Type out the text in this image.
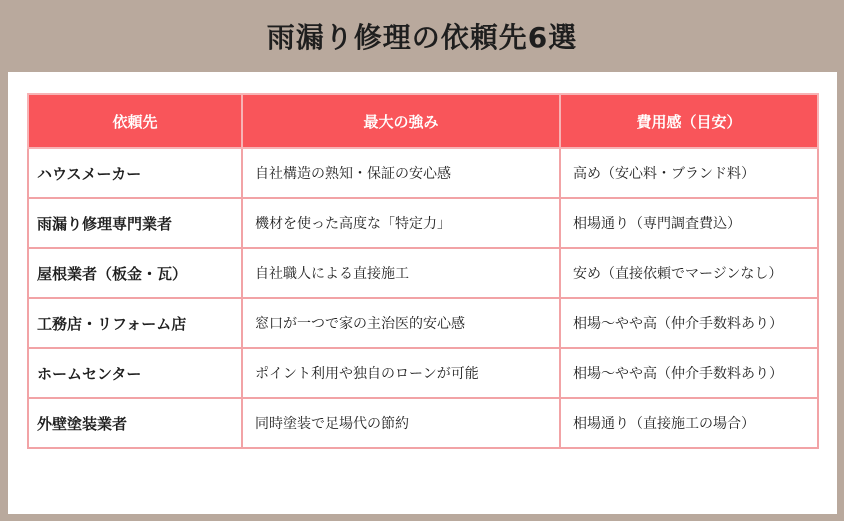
雨漏り修理の依頼先6選
依頼先	最大の強み	費用感（目安）
ハウスメーカー	自社構造の熟知・保証の安心感	高め（安心料・ブランド料）
雨漏り修理専門業者	機材を使った高度な「特定力」	相場通り（専門調査費込）
屋根業者（板金・瓦）	自社職人による直接施工	安め（直接依頼でマージンなし）
工務店・リフォーム店	窓口が一つで家の主治医的安心感	相場〜やや高（仲介手数料あり）
ホームセンター	ポイント利用や独自のローンが可能	相場〜やや高（仲介手数料あり）
外壁塗装業者	同時塗装で足場代の節約	相場通り（直接施工の場合）
